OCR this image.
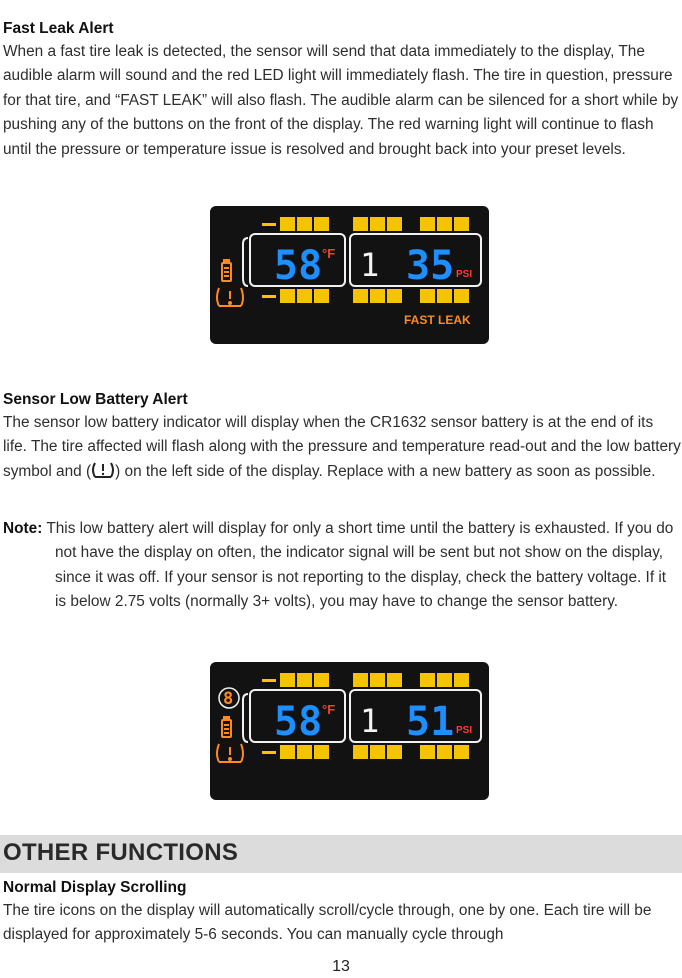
Fast Leak Alert

When a fast tire leak is detected, the sensor will send that data immediately to the display, The audible alarm will sound and the red LED light will immediately flash. The tire in question, pressure for that tire, and “FAST LEAK” will also flash. The audible alarm can be silenced for a short while by pushing any of the buttons on the front of the display. The red warning light will continue to flash until the pressure or temperature issue is resolved and brought back into your preset levels.

58 °F 1 35 PSI
FAST LEAK
Sensor Low Battery Alert

The sensor low battery indicator will display when the CR1632 sensor battery is at the end of its life. The tire affected will flash along with the pressure and temperature read-out and the low battery symbol and ( ) on the left side of the display. Replace with a new battery as soon as possible.

Note: This low battery alert will display for only a short time until the battery is exhausted. If you do not have the display on often, the indicator signal will be sent but not show on the display, since it was off. If your sensor is not reporting to the display, check the battery voltage. If it is below 2.75 volts (normally 3+ volts), you may have to change the sensor battery.
8 58 °F 1 51 PSI
OTHER FUNCTIONS
Normal Display Scrolling

The tire icons on the display will automatically scroll/cycle through, one by one. Each tire will be displayed for approximately 5-6 seconds. You can manually cycle through

13
